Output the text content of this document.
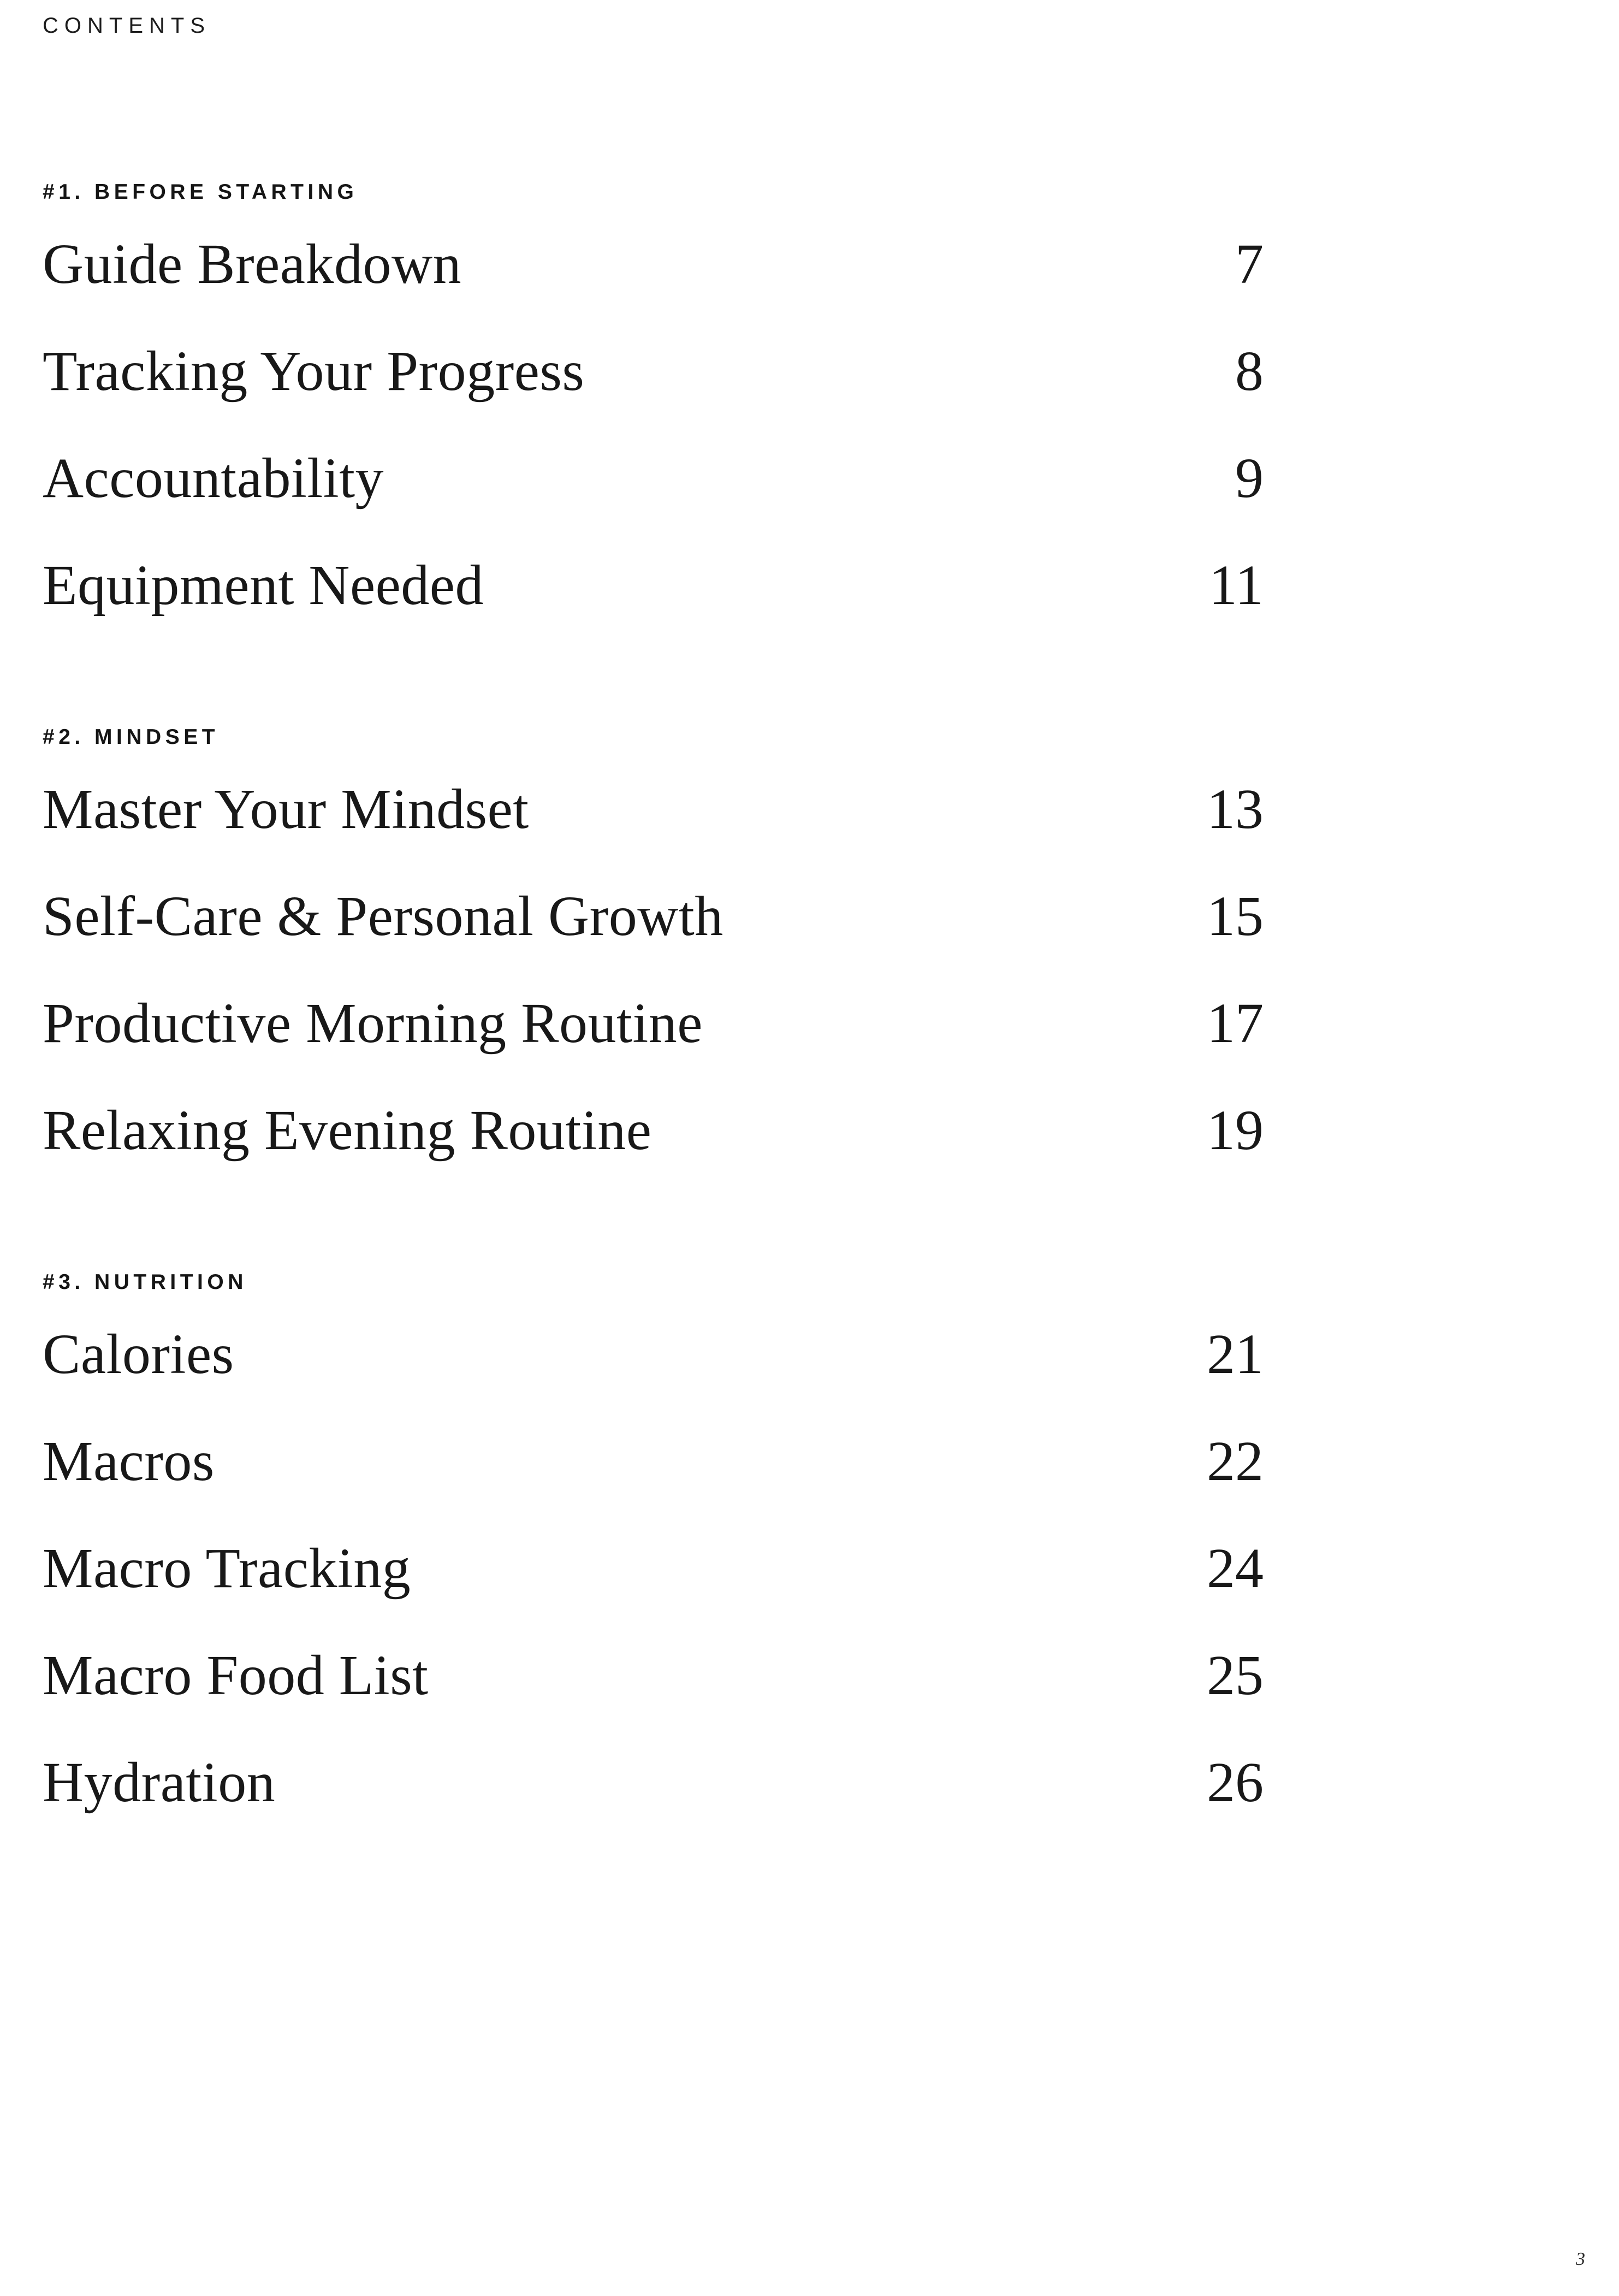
CONTENTS
#1. BEFORE STARTING
Guide Breakdown	7
Tracking Your Progress	8
Accountability	9
Equipment Needed	11
#2. MINDSET
Master Your Mindset	13
Self-Care & Personal Growth	15
Productive Morning Routine	17
Relaxing Evening Routine	19
#3. NUTRITION
Calories	21
Macros	22
Macro Tracking	24
Macro Food List	25
Hydration	26
3
